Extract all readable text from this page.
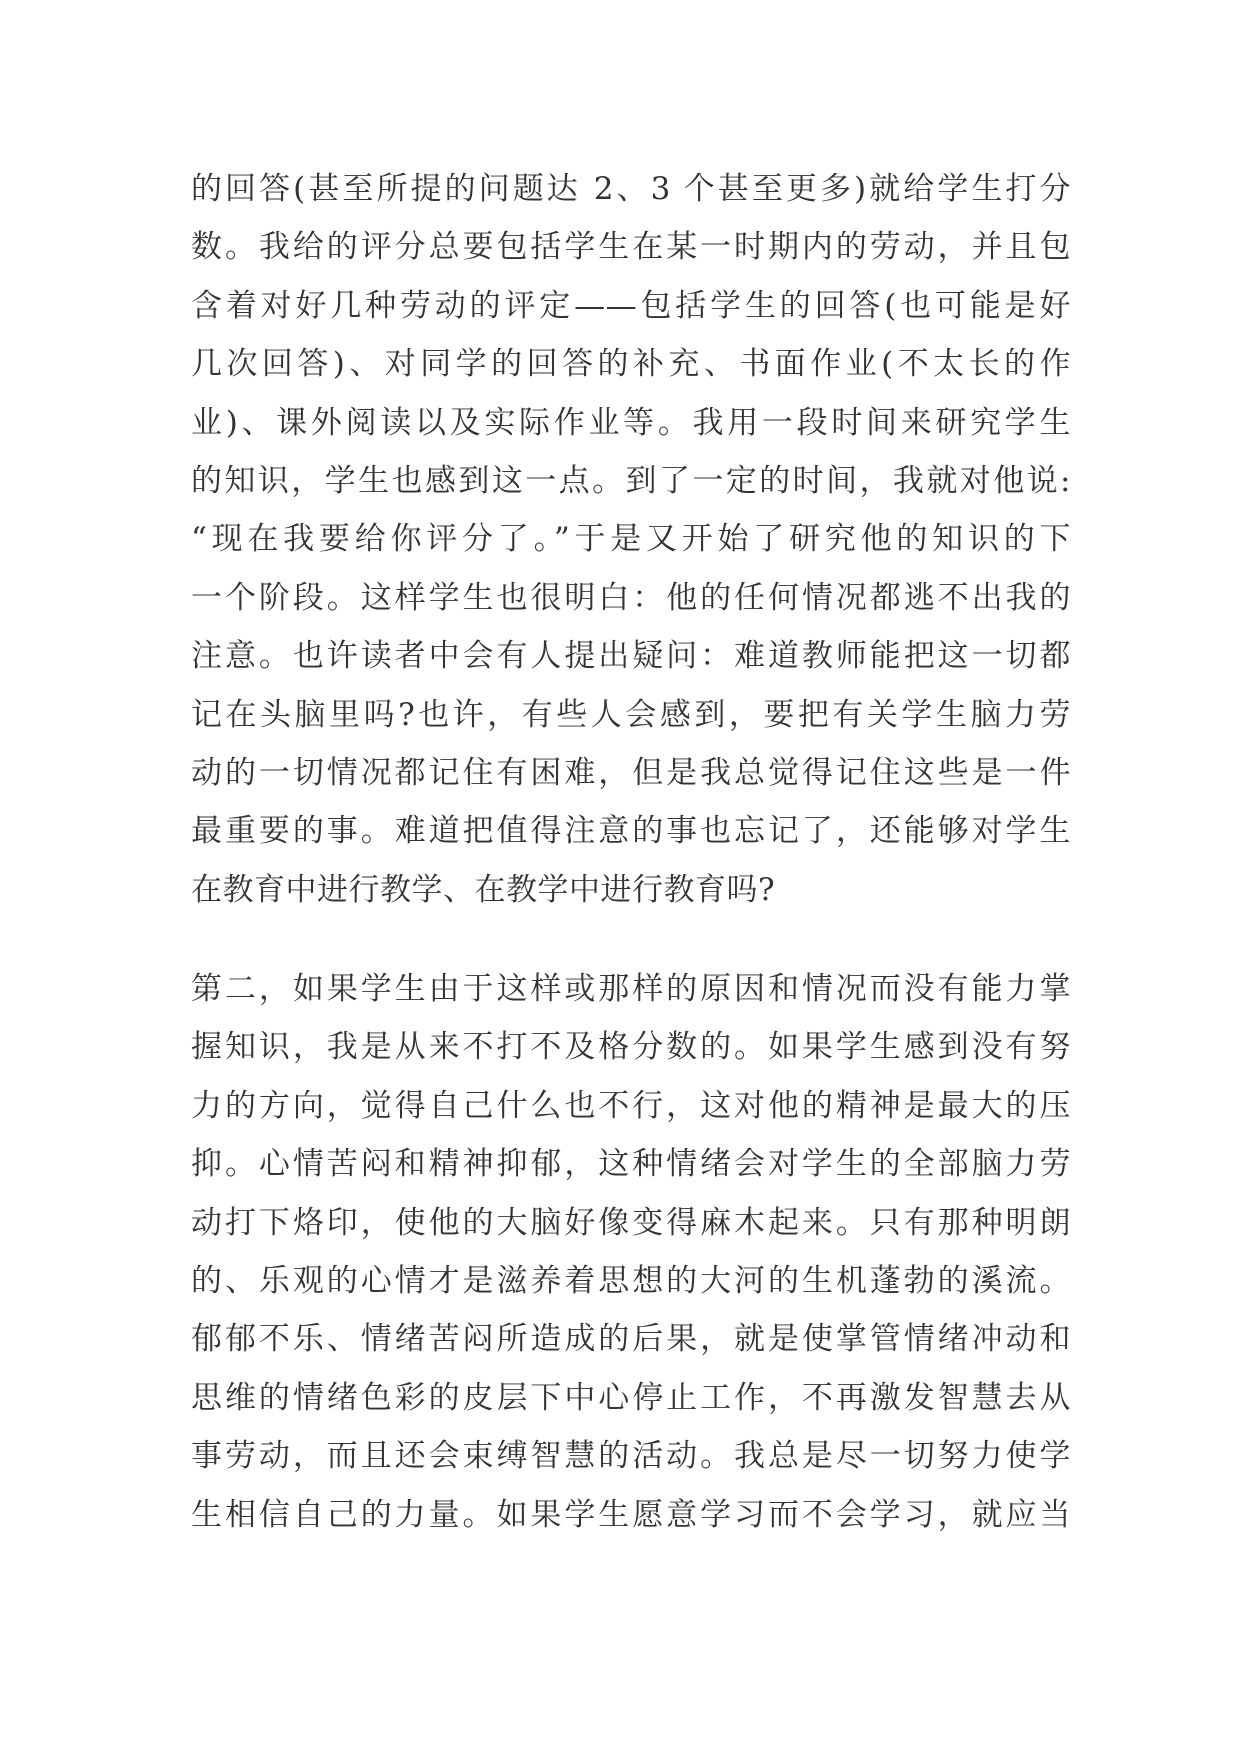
的回答(甚至所提的问题达 2、3 个甚至更多)就给学生打分
数。我给的评分总要包括学生在某一时期内的劳动，并且包
含着对好几种劳动的评定——包括学生的回答(也可能是好
几次回答)、对同学的回答的补充、书面作业(不太长的作
业)、课外阅读以及实际作业等。我用一段时间来研究学生
的知识，学生也感到这一点。到了一定的时间，我就对他说:
“现在我要给你评分了。”于是又开始了研究他的知识的下
一个阶段。这样学生也很明白：他的任何情况都逃不出我的
注意。也许读者中会有人提出疑问：难道教师能把这一切都
记在头脑里吗?也许，有些人会感到，要把有关学生脑力劳
动的一切情况都记住有困难，但是我总觉得记住这些是一件
最重要的事。难道把值得注意的事也忘记了，还能够对学生
在教育中进行教学、在教学中进行教育吗?
第二，如果学生由于这样或那样的原因和情况而没有能力掌
握知识，我是从来不打不及格分数的。如果学生感到没有努
力的方向，觉得自己什么也不行，这对他的精神是最大的压
抑。心情苦闷和精神抑郁，这种情绪会对学生的全部脑力劳
动打下烙印，使他的大脑好像变得麻木起来。只有那种明朗
的、乐观的心情才是滋养着思想的大河的生机蓬勃的溪流。
郁郁不乐、情绪苦闷所造成的后果，就是使掌管情绪冲动和
思维的情绪色彩的皮层下中心停止工作，不再激发智慧去从
事劳动，而且还会束缚智慧的活动。我总是尽一切努力使学
生相信自己的力量。如果学生愿意学习而不会学习，就应当
